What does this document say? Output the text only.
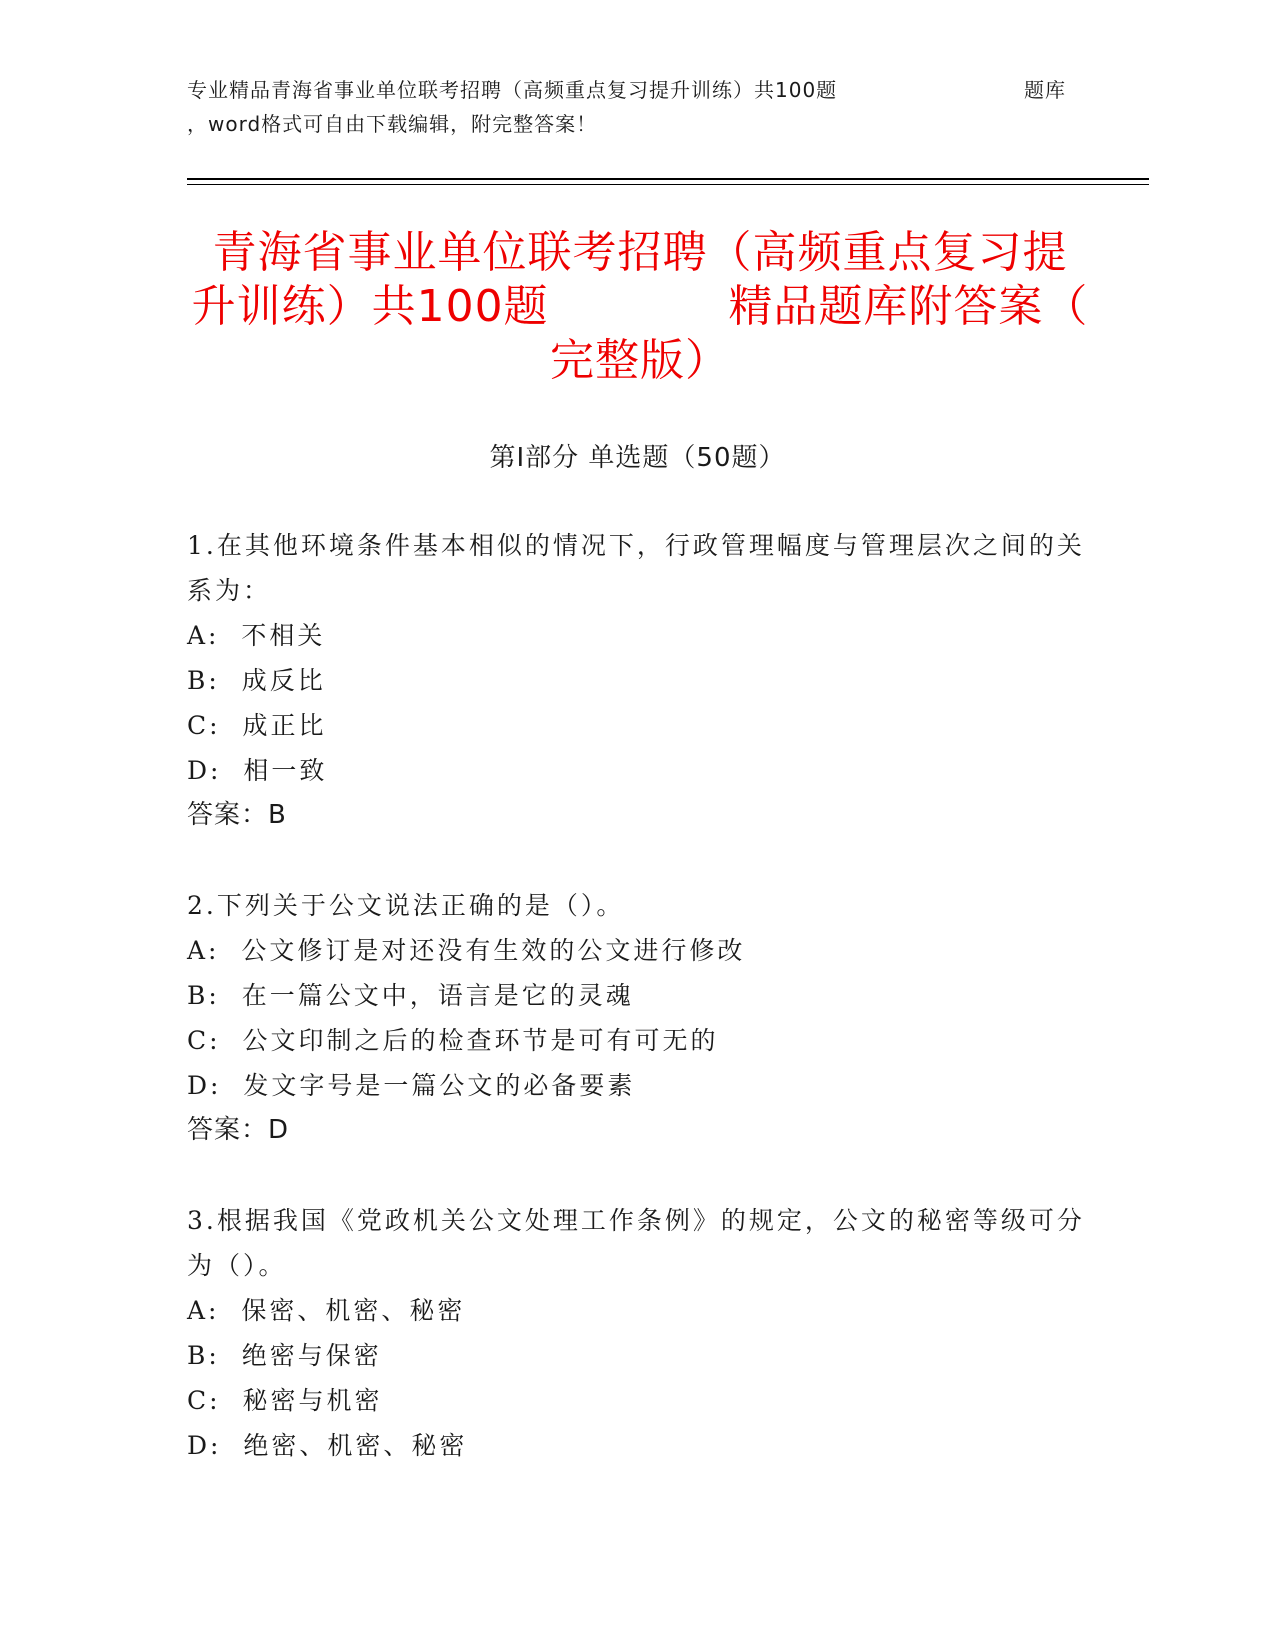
专业精品青海省事业单位联考招聘（高频重点复习提升训练）共100题	题库
，word格式可自由下载编辑，附完整答案！
青海省事业单位联考招聘（高频重点复习提
升训练）共100题            精品题库附答案（
完整版）
第Ⅰ部分 单选题（50题）
1.在其他环境条件基本相似的情况下，行政管理幅度与管理层次之间的关系为：
A:  不相关
B:  成反比
C:  成正比
D:  相一致
答案：B
2.下列关于公文说法正确的是（）。
A:  公文修订是对还没有生效的公文进行修改
B:  在一篇公文中，语言是它的灵魂
C:  公文印制之后的检查环节是可有可无的
D:  发文字号是一篇公文的必备要素
答案：D
3.根据我国《党政机关公文处理工作条例》的规定，公文的秘密等级可分为（）。
A:  保密、机密、秘密
B:  绝密与保密
C:  秘密与机密
D:  绝密、机密、秘密
